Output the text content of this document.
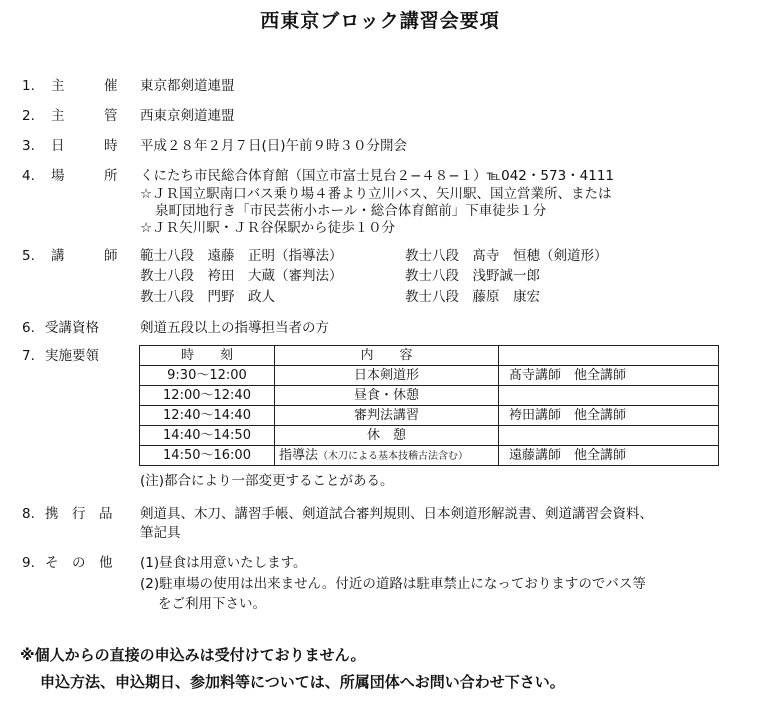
西東京ブロック講習会要項
1. 主	催 東京都剣道連盟
2. 主	管 西東京剣道連盟
3. 日	時 平成２８年２月７日(日)午前９時３０分開会
4. 場	所 くにたち市民総合体育館（国立市富士見台２−４８−１）℡042・573・4111
☆ＪＲ国立駅南口バス乗り場４番より立川バス、矢川駅、国立営業所、または
泉町団地行き「市民芸術小ホール・総合体育館前」下車徒歩１分
☆ＪＲ矢川駅・ＪＲ谷保駅から徒歩１０分
5. 講	師 範士八段　遠藤　正明（指導法）	教士八段　髙寺　恒穂（剣道形）
教士八段　袴田　大蔵（審判法）	教士八段　浅野誠一郎
教士八段　門野　政人	教士八段　藤原　康宏
6. 受講資格	剣道五段以上の指導担当者の方
7. 実施要領	時　　刻	内　　容	
9:30〜12:00	日本剣道形	髙寺講師　他全講師
12:00〜12:40	昼食・休憩	
12:40〜14:40	審判法講習	袴田講師　他全講師
14:40〜14:50	休　憩	
14:50〜16:00	指導法（木刀による基本技稽古法含む）	遠藤講師　他全講師
(注)都合により一部変更することがある。
8. 携　行　品 剣道具、木刀、講習手帳、剣道試合審判規則、日本剣道形解説書、剣道講習会資料、
筆記具
9. そ　の　他 (1)昼食は用意いたします。
(2)駐車場の使用は出来ません。付近の道路は駐車禁止になっておりますのでバス等
をご利用下さい。
※個人からの直接の申込みは受付けておりません。
申込方法、申込期日、参加料等については、所属団体へお問い合わせ下さい。
